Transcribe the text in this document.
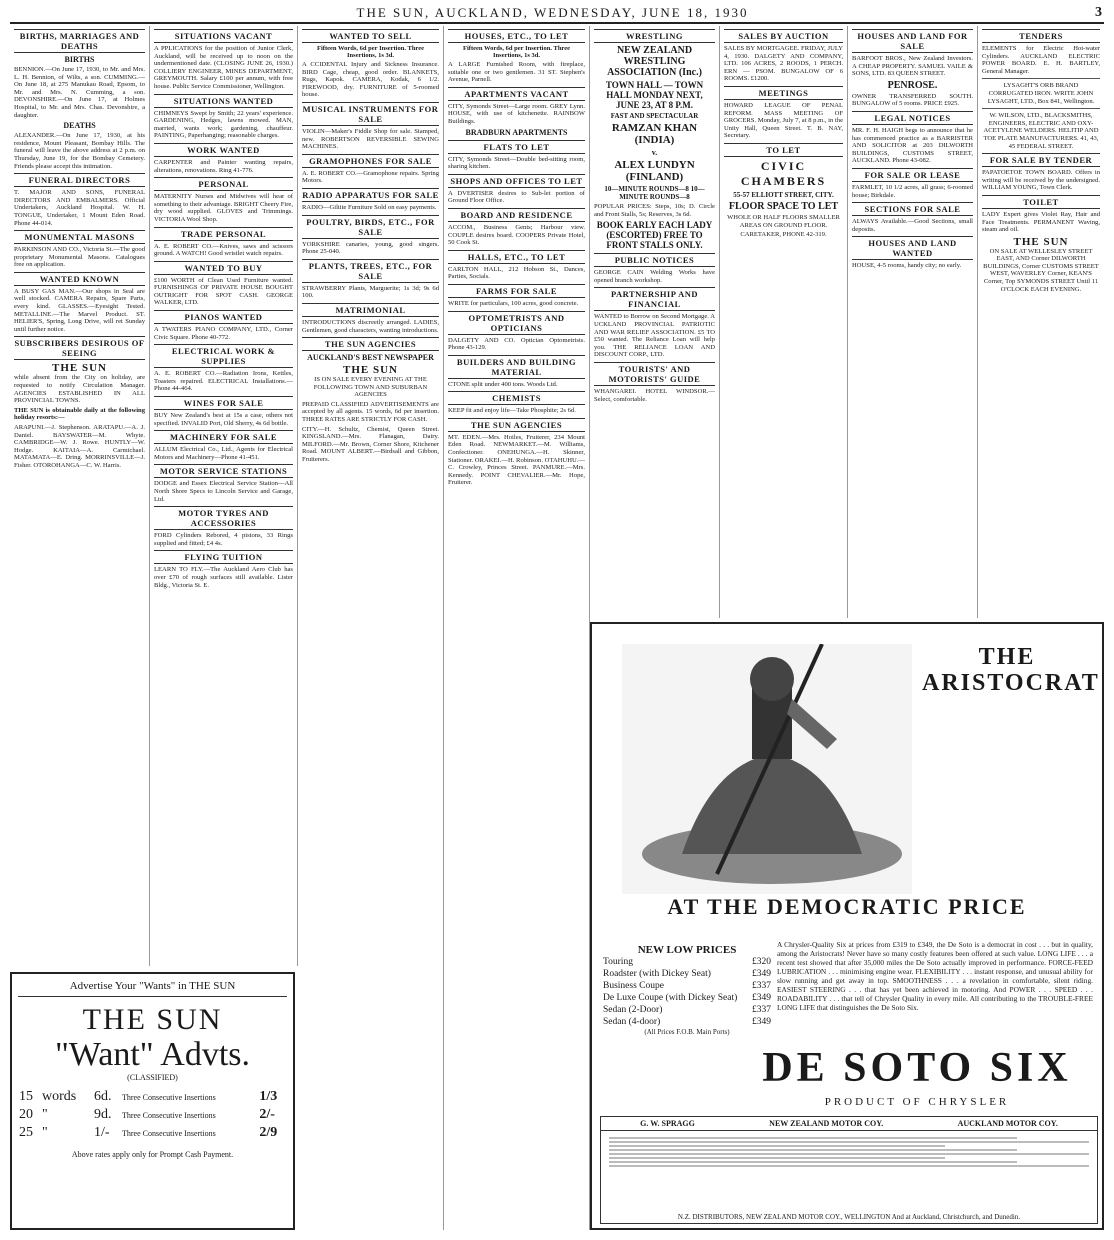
THE SUN, AUCKLAND, WEDNESDAY, JUNE 18, 1930	3
BIRTHS, MARRIAGES AND DEATHS
BIRTHS

BENNION.—On June 17, 1930, to Mr. and Mrs. L. H. Bennion, of Wilts, a son. CUMMING.—On June 18, at 275 Manukau Road, Epsom, to Mr. and Mrs. N. Cumming, a son. DEVONSHIRE.—On June 17, at Holmes Hospital, to Mr. and Mrs. Chas. Devonshire, a daughter.

DEATHS

ALEXANDER.—On June 17, 1930, at his residence, Mount Pleasant, Bombay Hills. The funeral will leave the above address at 2 p.m. on Thursday, June 19, for the Bombay Cemetery. Friends please accept this intimation.

FUNERAL DIRECTORS

T. MAJOR AND SONS, FUNERAL DIRECTORS AND EMBALMERS. Official Undertakers, Auckland Hospital. W. H. TONGUE, Undertaker, 1 Mount Eden Road. Phone 44-014.

MONUMENTAL MASONS

PARKINSON AND CO., Victoria St.—The good proprietary Monumental Masons. Catalogues free on application.

WANTED KNOWN

A BUSY GAS MAN.—Our shops in Seal are well stocked. CAMERA Repairs, Spare Parts, every kind. GLASSES.—Eyesight Tested. METALLINE.—The Marvel Product. ST. HELIER'S, Spring, Long Drive, will ret Sunday until further notice.

SUBSCRIBERS DESIROUS OF SEEING
THE SUN

while absent from the City on holiday, are requested to notify Circulation Manager. AGENCIES ESTABLISHED IN ALL PROVINCIAL TOWNS.

THE SUN is obtainable daily at the following holiday resorts:—

ARAPUNI.—J. Stephenson. ARATAPU.—A. J. Daniel. BAYSWATER—M. Whyte. CAMBRIDGE—W. J. Rowe. HUNTLY—W. Hodge. KAITAIA—A. Carmichael. MATAMATA—E. Dring. MORRINSVILLE—J. Fisher. OTOROHANGA—C. W. Harris.

Advertise Your "Wants" in THE SUN
THE SUN
"Want" Advts.
(CLASSIFIED)
15	words	6d.	Three Consecutive Insertions	1/3
20	"	9d.	Three Consecutive Insertions	2/-
25	"	1/-	Three Consecutive Insertions	2/9
Above rates apply only for Prompt Cash Payment.
SITUATIONS VACANT

A PPLICATIONS for the position of Junior Clerk, Auckland, will be received up to noon on the undermentioned date. (CLOSING JUNE 26, 1930.) COLLIERY ENGINEER, MINES DEPARTMENT, GREYMOUTH. Salary £100 per annum, with free house. Public Service Commissioner, Wellington.

SITUATIONS WANTED

CHIMNEYS Swept by Smith; 22 years' experience. GARDENING, Hedges, lawns mowed. MAN, married, wants work; gardening, chauffeur. PAINTING, Paperhanging; reasonable charges.

WORK WANTED

CARPENTER and Painter wanting repairs, alterations, renovations. Ring 41-776.

PERSONAL

MATERNITY Nurses and Midwives will hear of something to their advantage. BRIGHT Cheery Fire, dry wood supplied. GLOVES and Trimmings. VICTORIA Wool Shop.

TRADE PERSONAL

A. E. ROBERT CO.—Knives, saws and scissors ground. A WATCH! Good wristlet watch repairs.

WANTED TO BUY

£100 WORTH of Clean Used Furniture wanted. FURNISHINGS OF PRIVATE HOUSE BOUGHT OUTRIGHT FOR SPOT CASH. GEORGE WALKER, LTD.

PIANOS WANTED

A TWATERS PIANO COMPANY, LTD., Corner Civic Square. Phone 40-772.

ELECTRICAL WORK & SUPPLIES

A. E. ROBERT CO.—Radiation Irons, Kettles, Toasters repaired. ELECTRICAL Installations.—Phone 44-464.

WINES FOR SALE

BUY New Zealand's best at 15s a case, others not specified. INVALID Port, Old Sherry, 4s 6d bottle.

MACHINERY FOR SALE

ALLUM Electrical Co., Ltd., Agents for Electrical Motors and Machinery—Phone 41-451.

MOTOR SERVICE STATIONS

DODGE and Essex Electrical Service Station—All North Shore Specs to Lincoln Service and Garage, Ltd.

MOTOR TYRES AND ACCESSORIES

FORD Cylinders Rebored, 4 pistons, 33 Rings supplied and fitted; £4 4s.

FLYING TUITION

LEARN TO FLY.—The Auckland Aero Club has over £70 of rough surfaces still available. Lister Bldg., Victoria St. E.

WANTED TO SELL
Fifteen Words, 6d per Insertion. Three Insertions, 1s 3d.

A CCIDENTAL Injury and Sickness Insurance. BIRD Cage, cheap, good order. BLANKETS, Rugs, Kapok. CAMERA, Kodak, 6 1/2. FIREWOOD, dry. FURNITURE of 5-roomed house.

MUSICAL INSTRUMENTS FOR SALE

VIOLIN—Maker's Fiddle Shop for sale. Stamped, new. ROBERTSON REVERSIBLE SEWING MACHINES.

GRAMOPHONES FOR SALE

A. E. ROBERT CO.—Gramophone repairs. Spring Motors.

RADIO APPARATUS FOR SALE

RADIO—Giltite Furniture Sold on easy payments.

POULTRY, BIRDS, ETC., FOR SALE

YORKSHIRE canaries, young, good singers. Phone 25-040.

PLANTS, TREES, ETC., FOR SALE

STRAWBERRY Plants, Marguerite; 1s 3d; 9s 6d 100.

MATRIMONIAL

INTRODUCTIONS discreetly arranged. LADIES, Gentlemen, good characters, wanting introductions.

THE SUN AGENCIES
AUCKLAND'S BEST NEWSPAPER
THE SUN

IS ON SALE EVERY EVENING AT THE FOLLOWING TOWN AND SUBURBAN AGENCIES

PREPAID CLASSIFIED ADVERTISEMENTS are accepted by all agents. 15 words, 6d per insertion. THREE RATES ARE STRICTLY FOR CASH.

CITY.—H. Schultz, Chemist, Queen Street. KINGSLAND.—Mrs. Flanagan, Dairy. MILFORD.—Mr. Brown, Corner Shore, Kitchener Road. MOUNT ALBERT.—Birdsall and Gibbon, Fruiterers.

HOUSES, ETC., TO LET
Fifteen Words, 6d per Insertion. Three Insertions, 1s 3d.

A LARGE Furnished Room, with fireplace, suitable one or two gentlemen. 31 ST. Stephen's Avenue, Parnell.

APARTMENTS VACANT

CITY, Symonds Street—Large room. GREY Lynn. HOUSE, with use of kitchenette. RAINBOW Buildings.

BRADBURN APARTMENTS
FLATS TO LET

CITY, Symonds Street—Double bed-sitting room, sharing kitchen.

SHOPS AND OFFICES TO LET

A DVERTISER desires to Sub-let portion of Ground Floor Office.

BOARD AND RESIDENCE

ACCOM., Business Gents; Harbour view. COUPLE desires board. COOPERS Private Hotel, 50 Cook St.

HALLS, ETC., TO LET

CARLTON HALL, 212 Hobson St., Dances, Parties, Socials.

FARMS FOR SALE

WRITE for particulars, 100 acres, good concrete.

OPTOMETRISTS AND OPTICIANS

DALGETY AND CO. Optician Optometrists. Phone 43-129.

BUILDERS AND BUILDING MATERIAL

CTONE split under 400 tons. Woods Ltd.

CHEMISTS

KEEP fit and enjoy life—Take Phosphite; 2s 6d.

THE SUN AGENCIES

MT. EDEN.—Mrs. Hoiles, Fruiterer, 234 Mount Eden Road. NEWMARKET.—M. Williams, Confectioner. ONEHUNGA.—H. Skinner, Stationer. ORAKEI.—H. Robinson. OTAHUHU.—C. Crowley, Princes Street. PANMURE.—Mrs. Kennedy. POINT CHEVALIER.—Mr. Hope, Fruiterer.

WRESTLING
NEW ZEALAND WRESTLING ASSOCIATION (Inc.)
TOWN HALL — TOWN HALL MONDAY NEXT, JUNE 23, AT 8 P.M.
FAST AND SPECTACULAR
RAMZAN KHAN (INDIA)
v.
ALEX LUNDYN (FINLAND)
10—MINUTE ROUNDS—8 10—MINUTE ROUNDS—8

POPULAR PRICES: Steps, 10s; D. Circle and Front Stalls, 5s; Reserves, 3s 6d.

BOOK EARLY EACH LADY (ESCORTED) FREE TO FRONT STALLS ONLY.
PUBLIC NOTICES

GEORGE CAIN Welding Works have opened branch workshop.

PARTNERSHIP AND FINANCIAL

WANTED to Borrow on Second Mortgage. A UCKLAND PROVINCIAL PATRIOTIC AND WAR RELIEF ASSOCIATION. £5 TO £50 wanted. The Reliance Loan will help you. THE RELIANCE LOAN AND DISCOUNT CORP., LTD.

TOURISTS' AND MOTORISTS' GUIDE

WHANGAREI. HOTEL WINDSOR.—Select, comfortable.

SALES BY AUCTION

SALES BY MORTGAGEE. FRIDAY, JULY 4, 1930. DALGETY AND COMPANY, LTD. 106 ACRES, 2 ROODS, 1 PERCH. ERN — PSOM. BUNGALOW OF 6 ROOMS. £1200.

MEETINGS

HOWARD LEAGUE OF PENAL REFORM. MASS MEETING OF GROCERS. Monday, July 7, at 8 p.m., in the Unity Hall, Queen Street. T. B. NAY, Secretary.

TO LET
CIVIC CHAMBERS
55-57 ELLIOTT STREET, CITY.
FLOOR SPACE TO LET

WHOLE OR HALF FLOORS SMALLER AREAS ON GROUND FLOOR.

CARETAKER, PHONE 42-319.

HOUSES AND LAND FOR SALE

BARFOOT BROS., New Zealand Investors. A CHEAP PROPERTY. SAMUEL VAILE & SONS, LTD. 83 QUEEN STREET.

PENROSE.

OWNER TRANSFERRED SOUTH. BUNGALOW of 5 rooms. PRICE £925.

LEGAL NOTICES

MR. F. H. HAIGH begs to announce that he has commenced practice as a BARRISTER AND SOLICITOR at 203 DILWORTH BUILDINGS, CUSTOMS STREET, AUCKLAND. Phone 43-082.

FOR SALE OR LEASE

FARMLET, 10 1/2 acres, all grass; 6-roomed house; Birkdale.

SECTIONS FOR SALE

ALWAYS Available.—Good Sections, small deposits.

HOUSES AND LAND WANTED

HOUSE, 4-5 rooms, handy city; no early.

TENDERS

ELEMENTS for Electric Hot-water Cylinders. AUCKLAND ELECTRIC POWER BOARD. E. H. BARTLEY, General Manager.

LYSAGHT'S ORB BRAND CORRUGATED IRON. WRITE JOHN LYSAGHT, LTD., Box 841, Wellington.

W. WILSON, LTD., BLACKSMITHS, ENGINEERS, ELECTRIC AND OXY-ACETYLENE WELDERS. HELITIP AND TOE PLATE MANUFACTURERS. 41, 43, 45 FEDERAL STREET.

FOR SALE BY TENDER

PAPATOETOE TOWN BOARD. Offers in writing will be received by the undersigned. WILLIAM YOUNG, Town Clerk.

TOILET

LADY Expert gives Violet Ray, Hair and Face Treatments. PERMANENT Waving, steam and oil.

THE SUN

ON SALE AT WELLESLEY STREET EAST, AND Corner DILWORTH BUILDINGS, Corner CUSTOMS STREET WEST, WAVERLEY Corner, KEAN'S Corner, Top SYMONDS STREET Until 11 O'CLOCK EACH EVENING.

THE
ARISTOCRAT
AT THE DEMOCRATIC PRICE
NEW LOW PRICES
Touring	£320
Roadster (with Dickey Seat)	£349
Business Coupe	£337
De Luxe Coupe (with Dickey Seat)	£349
Sedan (2-Door)	£337
Sedan (4-door)	£349
(All Prices F.O.B. Main Ports)
A Chrysler-Quality Six at prices from £319 to £349, the De Soto is a democrat in cost . . . but in quality, among the Aristocrats! Never have so many costly features been offered at such value. LONG LIFE . . . a recent test showed that after 35,000 miles the De Soto actually improved in performance. FORCE-FEED LUBRICATION . . . minimising engine wear. FLEXIBILITY . . . instant response, and unusual ability for slow running and get away in top. SMOOTHNESS . . . a revelation in comfortable, silent riding. EASIEST STEERING . . . that has yet been achieved in motoring. And POWER . . . SPEED . . . ROADABILITY . . . that tell of Chrysler Quality in every mile. All contributing to the TROUBLE-FREE LONG LIFE that distinguishes the De Soto Six.
DE SOTO SIX
PRODUCT OF CHRYSLER
G. W. SPRAGG	NEW ZEALAND MOTOR COY.	AUCKLAND MOTOR COY.
N.Z. DISTRIBUTORS, NEW ZEALAND MOTOR COY., WELLINGTON And at Auckland, Christchurch, and Dunedin.
